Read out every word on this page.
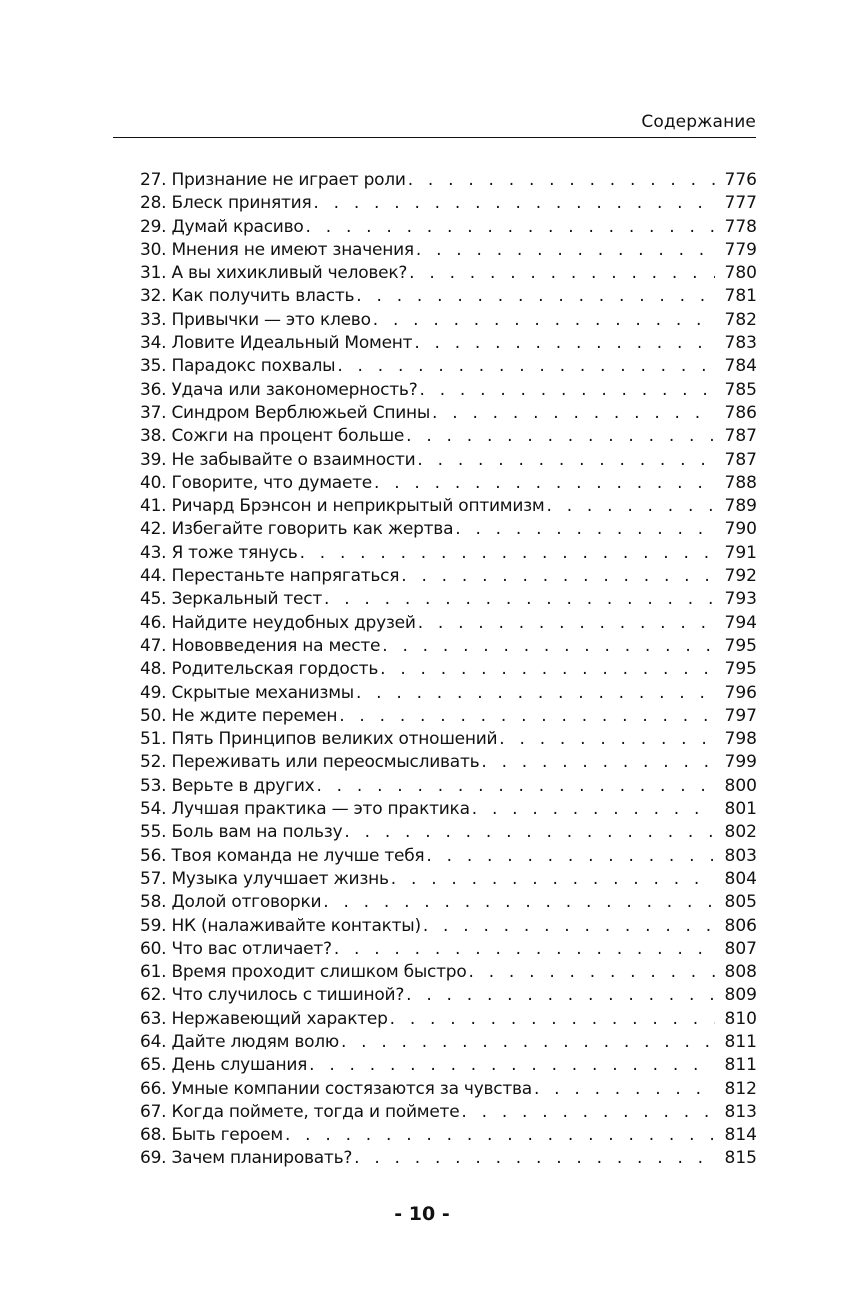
Содержание
27. Признание не играет роли . . .	776
28. Блеск принятия . . .	777
29. Думай красиво . . .	778
30. Мнения не имеют значения . . .	779
31. А вы хихикливый человек? . . .	780
32. Как получить власть . . .	781
33. Привычки — это клево . . .	782
34. Ловите Идеальный Момент . . .	783
35. Парадокс похвалы . . .	784
36. Удача или закономерность? . . .	785
37. Синдром Верблюжьей Спины . . .	786
38. Сожги на процент больше . . .	787
39. Не забывайте о взаимности . . .	787
40. Говорите, что думаете . . .	788
41. Ричард Брэнсон и неприкрытый оптимизм . . .	789
42. Избегайте говорить как жертва . . .	790
43. Я тоже тянусь . . .	791
44. Перестаньте напрягаться . . .	792
45. Зеркальный тест . . .	793
46. Найдите неудобных друзей . . .	794
47. Нововведения на месте . . .	795
48. Родительская гордость . . .	795
49. Скрытые механизмы . . .	796
50. Не ждите перемен . . .	797
51. Пять Принципов великих отношений . . .	798
52. Переживать или переосмысливать . . .	799
53. Верьте в других . . .	800
54. Лучшая практика — это практика . . .	801
55. Боль вам на пользу . . .	802
56. Твоя команда не лучше тебя . . .	803
57. Музыка улучшает жизнь . . .	804
58. Долой отговорки . . .	805
59. НК (налаживайте контакты) . . .	806
60. Что вас отличает? . . .	807
61. Время проходит слишком быстро . . .	808
62. Что случилось с тишиной? . . .	809
63. Нержавеющий характер . . .	810
64. Дайте людям волю . . .	811
65. День слушания . . .	811
66. Умные компании состязаются за чувства . . .	812
67. Когда поймете, тогда и поймете . . .	813
68. Быть героем . . .	814
69. Зачем планировать? . . .	815
- 10 -
